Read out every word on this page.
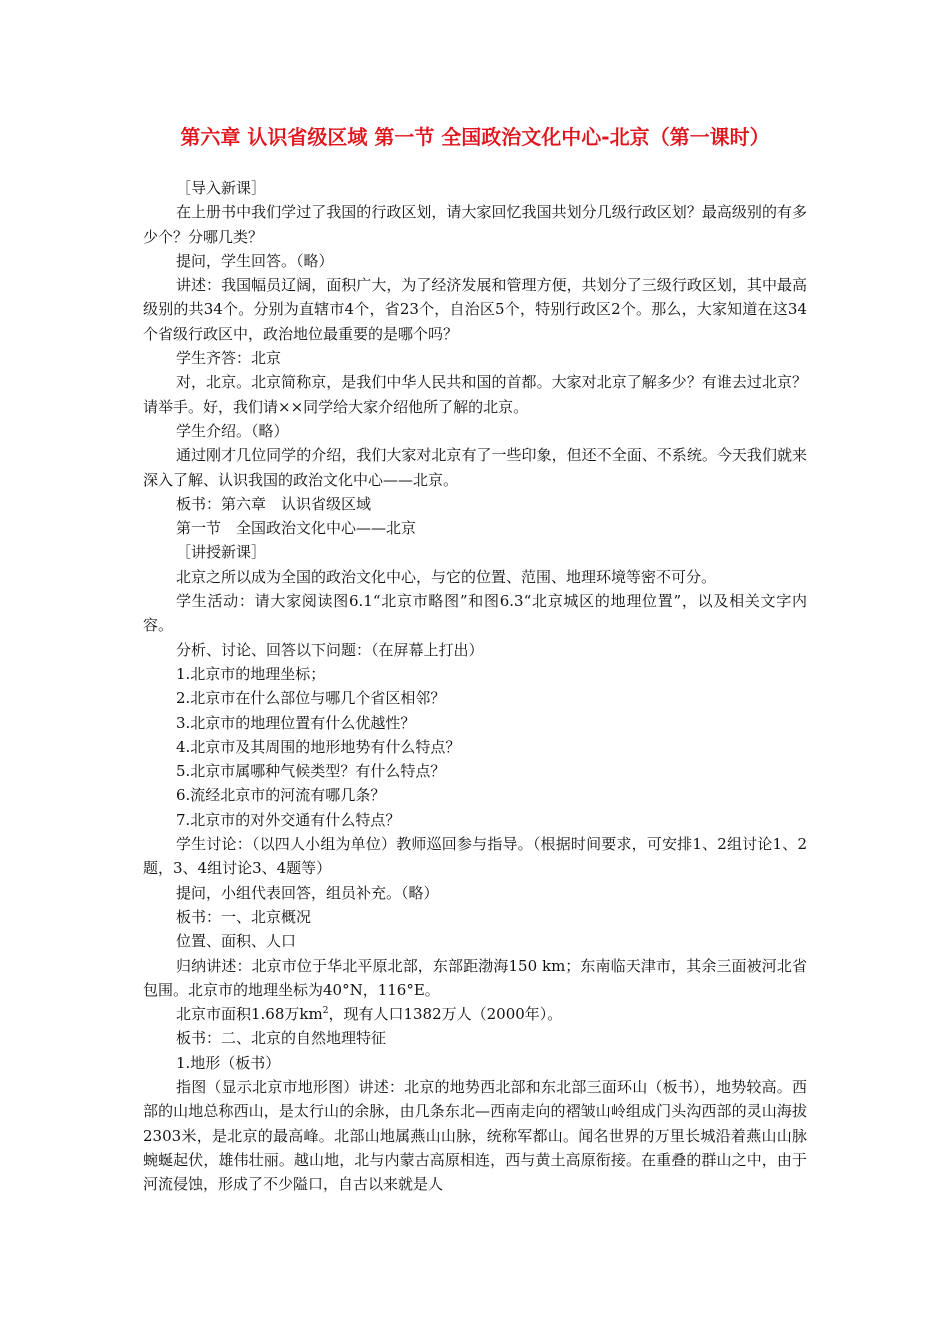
第六章 认识省级区域 第一节 全国政治文化中心-北京（第一课时）

［导入新课］

在上册书中我们学过了我国的行政区划，请大家回忆我国共划分几级行政区划？最高级别的有多少个？分哪几类？

提问，学生回答。（略）

讲述：我国幅员辽阔，面积广大，为了经济发展和管理方便，共划分了三级行政区划，其中最高级别的共34个。分别为直辖市4个，省23个，自治区5个，特别行政区2个。那么，大家知道在这34个省级行政区中，政治地位最重要的是哪个吗？

学生齐答：北京

对，北京。北京简称京，是我们中华人民共和国的首都。大家对北京了解多少？有谁去过北京？请举手。好，我们请××同学给大家介绍他所了解的北京。

学生介绍。（略）

通过刚才几位同学的介绍，我们大家对北京有了一些印象，但还不全面、不系统。今天我们就来深入了解、认识我国的政治文化中心——北京。

板书：第六章　认识省级区域

第一节　全国政治文化中心——北京

［讲授新课］

北京之所以成为全国的政治文化中心，与它的位置、范围、地理环境等密不可分。

学生活动：请大家阅读图6.1“北京市略图”和图6.3“北京城区的地理位置”，以及相关文字内容。

分析、讨论、回答以下问题：（在屏幕上打出）

1.北京市的地理坐标；

2.北京市在什么部位与哪几个省区相邻？

3.北京市的地理位置有什么优越性？

4.北京市及其周围的地形地势有什么特点？

5.北京市属哪种气候类型？有什么特点？

6.流经北京市的河流有哪几条？

7.北京市的对外交通有什么特点？

学生讨论：（以四人小组为单位）教师巡回参与指导。（根据时间要求，可安排1、2组讨论1、2题，3、4组讨论3、4题等）

提问，小组代表回答，组员补充。（略）

板书：一、北京概况

位置、面积、人口

归纳讲述：北京市位于华北平原北部，东部距渤海150 km；东南临天津市，其余三面被河北省包围。北京市的地理坐标为40°N，116°E。

北京市面积1.68万$km^2$，现有人口1382万人（2000年）。

板书：二、北京的自然地理特征

1.地形（板书）

指图（显示北京市地形图）讲述：北京的地势西北部和东北部三面环山（板书），地势较高。西部的山地总称西山，是太行山的余脉，由几条东北—西南走向的褶皱山岭组成门头沟西部的灵山海拔2303米，是北京的最高峰。北部山地属燕山山脉，统称军都山。闻名世界的万里长城沿着燕山山脉蜿蜒起伏，雄伟壮丽。越山地，北与内蒙古高原相连，西与黄土高原衔接。在重叠的群山之中，由于河流侵蚀，形成了不少隘口，自古以来就是人
